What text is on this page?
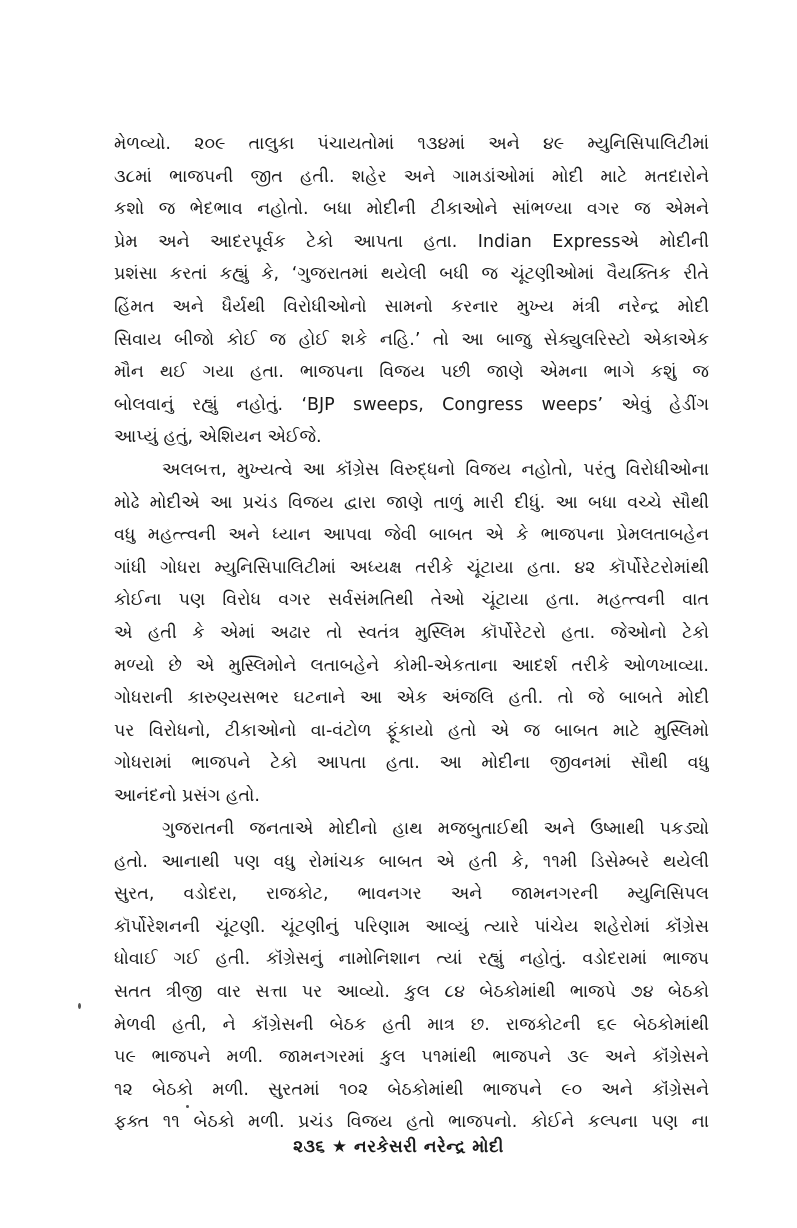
મેળવ્યો. ૨૦૯ તાલુકા પંચાયતોમાં ૧૩૪માં અને ૪૯ મ્યુનિસિપાલિટીમાં
૩૮માં ભાજપની જીત હતી. શહેર અને ગામડાંઓમાં મોદી માટે મતદારોને
કશો જ ભેદભાવ નહોતો. બધા મોદીની ટીકાઓને સાંભળ્યા વગર જ એમને
પ્રેમ અને આદરપૂર્વક ટેકો આપતા હતા. Indian Expressએ મોદીની
પ્રશંસા કરતાં કહ્યું કે, ‘ગુજરાતમાં થયેલી બધી જ ચૂંટણીઓમાં વૈયક્તિક રીતે
હિંમત અને ધૈર્યથી વિરોધીઓનો સામનો કરનાર મુખ્ય મંત્રી નરેન્દ્ર મોદી
સિવાય બીજો કોઈ જ હોઈ શકે નહિ.’ તો આ બાજુ સેક્યુલરિસ્ટો એકાએક
મૌન થઈ ગયા હતા. ભાજપના વિજય પછી જાણે એમના ભાગે કશું જ
બોલવાનું રહ્યું નહોતું. ‘BJP sweeps, Congress weeps’ એવું હેડીંગ
આપ્યું હતું, એશિયન એઈજે.
અલબત્ત, મુખ્યત્વે આ કૉંગ્રેસ વિરુદ્ધનો વિજય નહોતો, પરંતુ વિરોધીઓના
મોઢે મોદીએ આ પ્રચંડ વિજય દ્વારા જાણે તાળું મારી દીધું. આ બધા વચ્ચે સૌથી
વધુ મહત્ત્વની અને ધ્યાન આપવા જેવી બાબત એ કે ભાજપના પ્રેમલતાબહેન
ગાંધી ગોધરા મ્યુનિસિપાલિટીમાં અધ્યક્ષ તરીકે ચૂંટાયા હતા. ૪૨ કૉર્પોરેટરોમાંથી
કોઈના પણ વિરોધ વગર સર્વસંમતિથી તેઓ ચૂંટાયા હતા. મહત્ત્વની વાત
એ હતી કે એમાં અઢાર તો સ્વતંત્ર મુસ્લિમ કૉર્પોરેટરો હતા. જેઓનો ટેકો
મળ્યો છે એ મુસ્લિમોને લતાબહેને કોમી-એકતાના આદર્શ તરીકે ઓળખાવ્યા.
ગોધરાની કારુણ્યસભર ઘટનાને આ એક અંજલિ હતી. તો જે બાબતે મોદી
પર વિરોધનો, ટીકાઓનો વા-વંટોળ ફૂંકાયો હતો એ જ બાબત માટે મુસ્લિમો
ગોધરામાં ભાજપને ટેકો આપતા હતા. આ મોદીના જીવનમાં સૌથી વધુ
આનંદનો પ્રસંગ હતો.
ગુજરાતની જનતાએ મોદીનો હાથ મજબુતાઈથી અને ઉષ્માથી પકડ્યો
હતો. આનાથી પણ વધુ રોમાંચક બાબત એ હતી કે, ૧૧મી ડિસેમ્બરે થયેલી
સુરત, વડોદરા, રાજકોટ, ભાવનગર અને જામનગરની મ્યુનિસિપલ
કૉર્પોરેશનની ચૂંટણી. ચૂંટણીનું પરિણામ આવ્યું ત્યારે પાંચેય શહેરોમાં કૉંગ્રેસ
ધોવાઈ ગઈ હતી. કૉંગ્રેસનું નામોનિશાન ત્યાં રહ્યું નહોતું. વડોદરામાં ભાજપ
સતત ત્રીજી વાર સત્તા પર આવ્યો. કુલ ૮૪ બેઠકોમાંથી ભાજપે ૭૪ બેઠકો
મેળવી હતી, ને કૉંગ્રેસની બેઠક હતી માત્ર છ. રાજકોટની ૬૯ બેઠકોમાંથી
૫૯ ભાજપને મળી. જામનગરમાં કુલ ૫૧માંથી ભાજપને ૩૯ અને કૉંગ્રેસને
૧૨ બેઠકો મળી. સુરતમાં ૧૦૨ બેઠકોમાંથી ભાજપને ૯૦ અને કૉંગ્રેસને
ફક્ત ૧૧ બેઠકો મળી. પ્રચંડ વિજય હતો ભાજપનો. કોઈને કલ્પના પણ ના
૨૩૬ ★ નરકેસરી નરેન્દ્ર મોદી
